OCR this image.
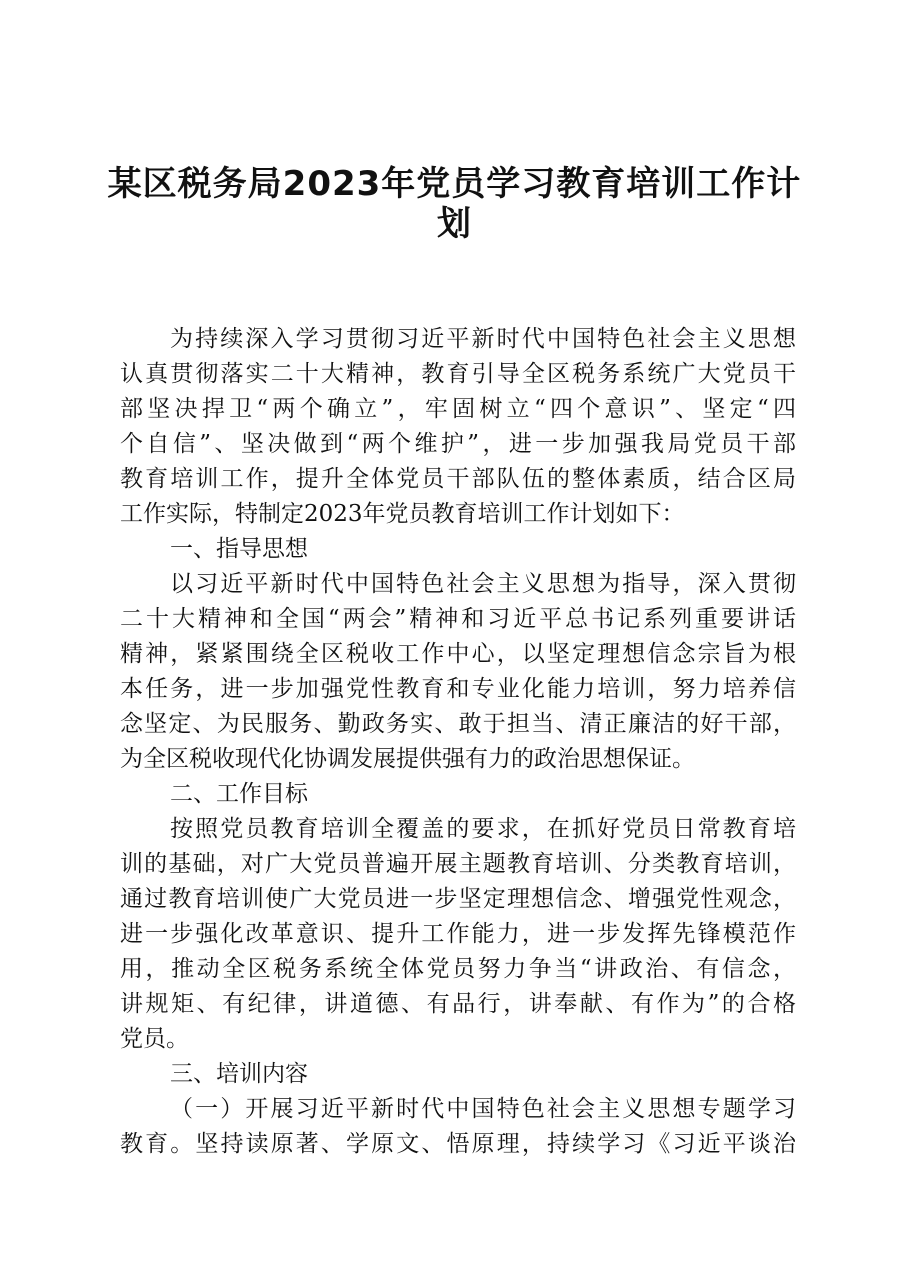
某区税务局2023年党员学习教育培训工作计
划
为持续深入学习贯彻习近平新时代中国特色社会主义思想
认真贯彻落实二十大精神，教育引导全区税务系统广大党员干
部坚决捍卫“两个确立”，牢固树立“四个意识”、坚定“四
个自信”、坚决做到“两个维护”，进一步加强我局党员干部
教育培训工作，提升全体党员干部队伍的整体素质，结合区局
工作实际，特制定2023年党员教育培训工作计划如下：
一、指导思想
以习近平新时代中国特色社会主义思想为指导，深入贯彻
二十大精神和全国“两会”精神和习近平总书记系列重要讲话
精神，紧紧围绕全区税收工作中心，以坚定理想信念宗旨为根
本任务，进一步加强党性教育和专业化能力培训，努力培养信
念坚定、为民服务、勤政务实、敢于担当、清正廉洁的好干部，
为全区税收现代化协调发展提供强有力的政治思想保证。
二、工作目标
按照党员教育培训全覆盖的要求，在抓好党员日常教育培
训的基础，对广大党员普遍开展主题教育培训、分类教育培训，
通过教育培训使广大党员进一步坚定理想信念、增强党性观念，
进一步强化改革意识、提升工作能力，进一步发挥先锋模范作
用，推动全区税务系统全体党员努力争当“讲政治、有信念，
讲规矩、有纪律，讲道德、有品行，讲奉献、有作为”的合格
党员。
三、培训内容
（一）开展习近平新时代中国特色社会主义思想专题学习
教育。坚持读原著、学原文、悟原理，持续学习《习近平谈治
